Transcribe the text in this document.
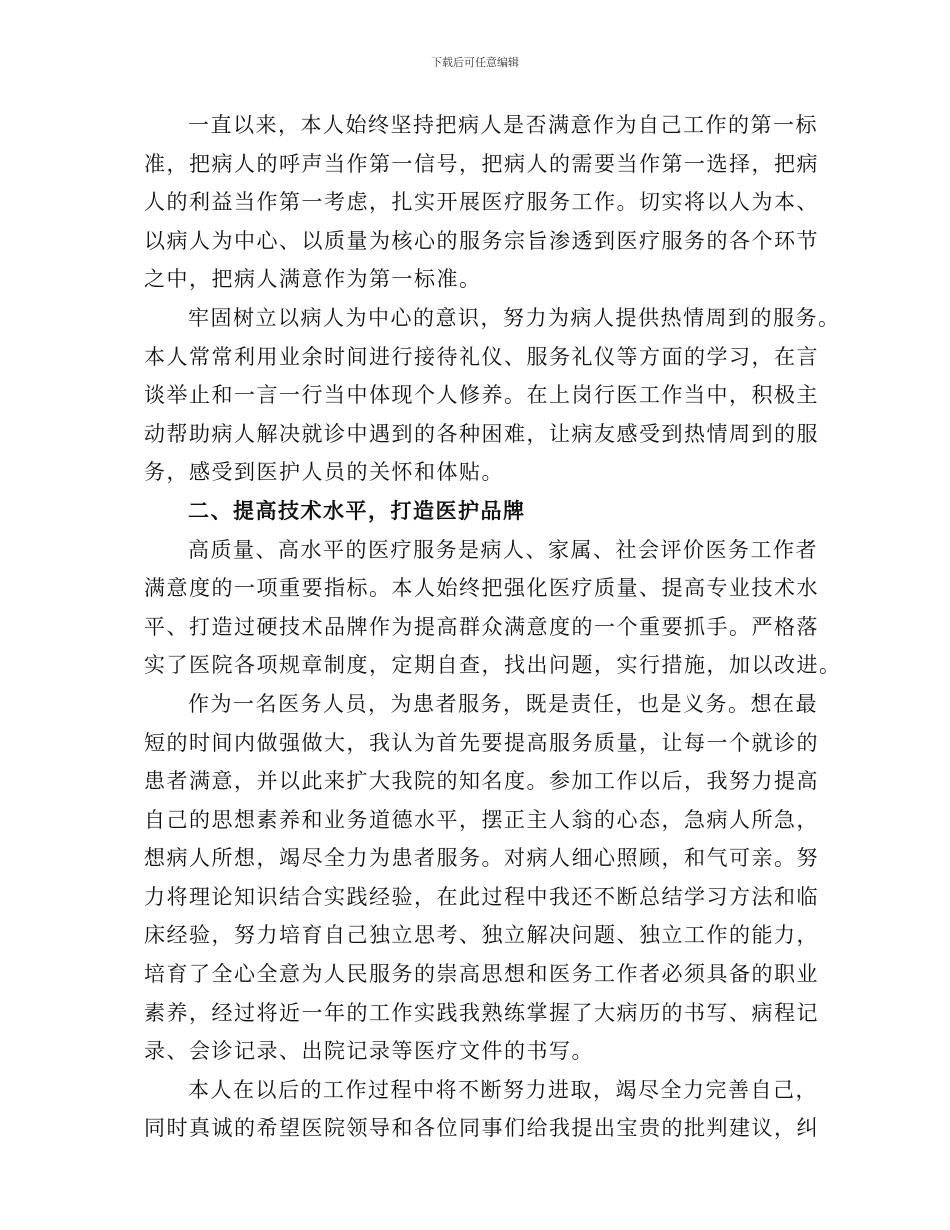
下载后可任意编辑
一直以来，本人始终坚持把病人是否满意作为自己工作的第一标
准，把病人的呼声当作第一信号，把病人的需要当作第一选择，把病
人的利益当作第一考虑，扎实开展医疗服务工作。切实将以人为本、
以病人为中心、以质量为核心的服务宗旨渗透到医疗服务的各个环节
之中，把病人满意作为第一标准。
牢固树立以病人为中心的意识，努力为病人提供热情周到的服务。
本人常常利用业余时间进行接待礼仪、服务礼仪等方面的学习，在言
谈举止和一言一行当中体现个人修养。在上岗行医工作当中，积极主
动帮助病人解决就诊中遇到的各种困难，让病友感受到热情周到的服
务，感受到医护人员的关怀和体贴。
二、提高技术水平，打造医护品牌
高质量、高水平的医疗服务是病人、家属、社会评价医务工作者
满意度的一项重要指标。本人始终把强化医疗质量、提高专业技术水
平、打造过硬技术品牌作为提高群众满意度的一个重要抓手。严格落
实了医院各项规章制度，定期自查，找出问题，实行措施，加以改进。
作为一名医务人员，为患者服务，既是责任，也是义务。想在最
短的时间内做强做大，我认为首先要提高服务质量，让每一个就诊的
患者满意，并以此来扩大我院的知名度。参加工作以后，我努力提高
自己的思想素养和业务道德水平，摆正主人翁的心态，急病人所急，
想病人所想，竭尽全力为患者服务。对病人细心照顾，和气可亲。努
力将理论知识结合实践经验，在此过程中我还不断总结学习方法和临
床经验，努力培育自己独立思考、独立解决问题、独立工作的能力，
培育了全心全意为人民服务的崇高思想和医务工作者必须具备的职业
素养，经过将近一年的工作实践我熟练掌握了大病历的书写、病程记
录、会诊记录、出院记录等医疗文件的书写。
本人在以后的工作过程中将不断努力进取，竭尽全力完善自己，
同时真诚的希望医院领导和各位同事们给我提出宝贵的批判建议，纠
